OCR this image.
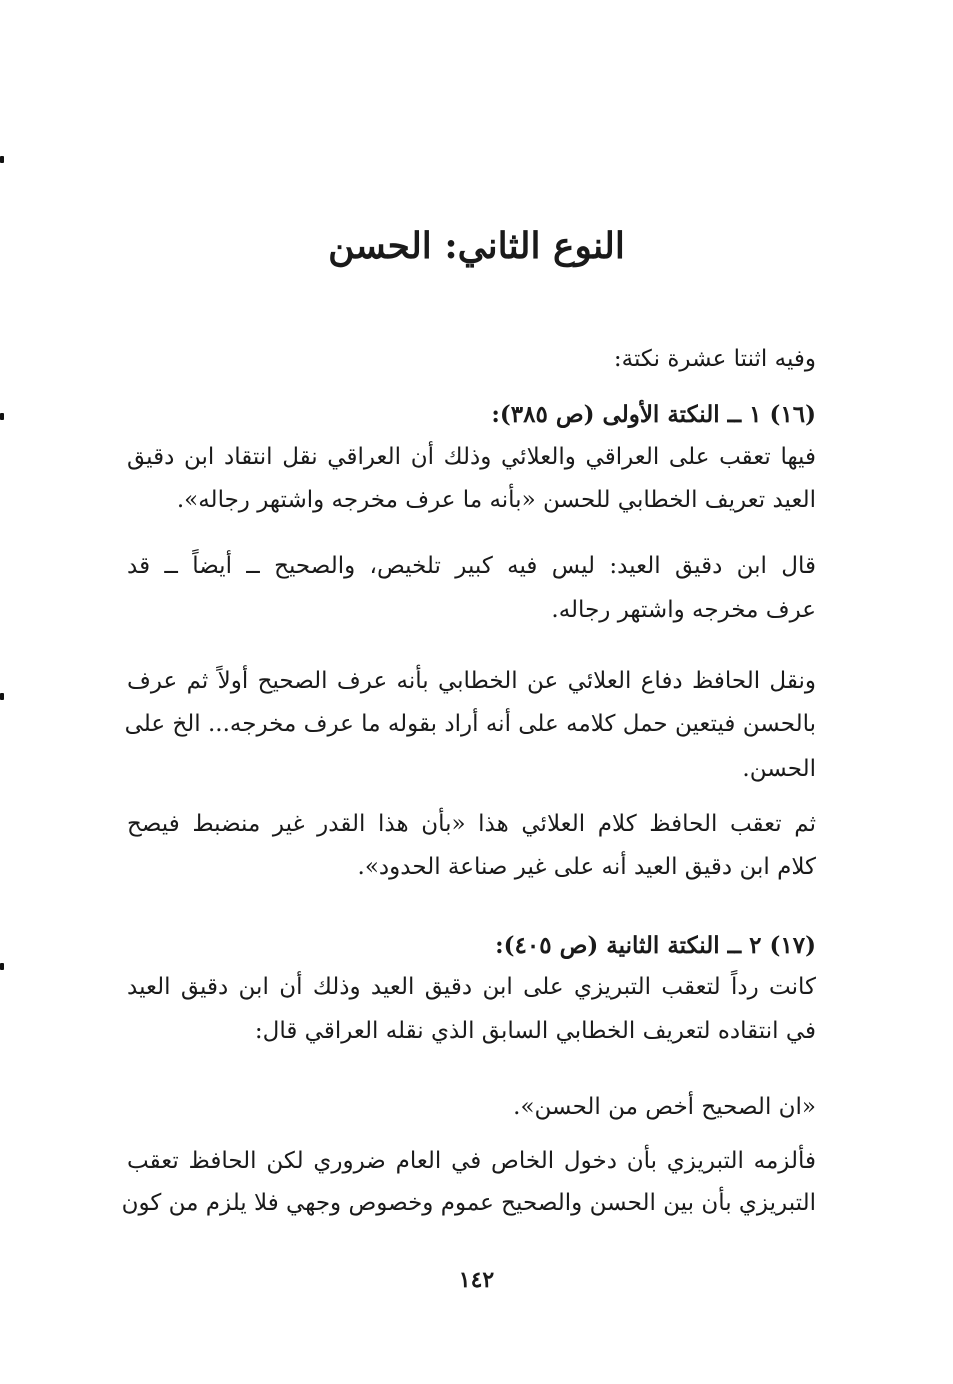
النوع الثاني: الحسن
وفيه اثنتا عشرة نكتة:
(١٦) ١ ــ النكتة الأولى (ص ٣٨٥):
فيها تعقب على العراقي والعلائي وذلك أن العراقي نقل انتقاد ابن دقيق
العيد تعريف الخطابي للحسن «بأنه ما عرف مخرجه واشتهر رجاله».
قال ابن دقيق العيد: ليس فيه كبير تلخيص، والصحيح ــ أيضاً ــ قد
عرف مخرجه واشتهر رجاله.
ونقل الحافظ دفاع العلائي عن الخطابي بأنه عرف الصحيح أولاً ثم عرف
بالحسن فيتعين حمل كلامه على أنه أراد بقوله ما عرف مخرجه... الخ على
الحسن.
ثم تعقب الحافظ كلام العلائي هذا «بأن هذا القدر غير منضبط فيصح
كلام ابن دقيق العيد أنه على غير صناعة الحدود».
(١٧) ٢ ــ النكتة الثانية (ص ٤٠٥):
كانت رداً لتعقب التبريزي على ابن دقيق العيد وذلك أن ابن دقيق العيد
في انتقاده لتعريف الخطابي السابق الذي نقله العراقي قال:
«ان الصحيح أخص من الحسن».
فألزمه التبريزي بأن دخول الخاص في العام ضروري لكن الحافظ تعقب
التبريزي بأن بين الحسن والصحيح عموم وخصوص وجهي فلا يلزم من كون
١٤٢
